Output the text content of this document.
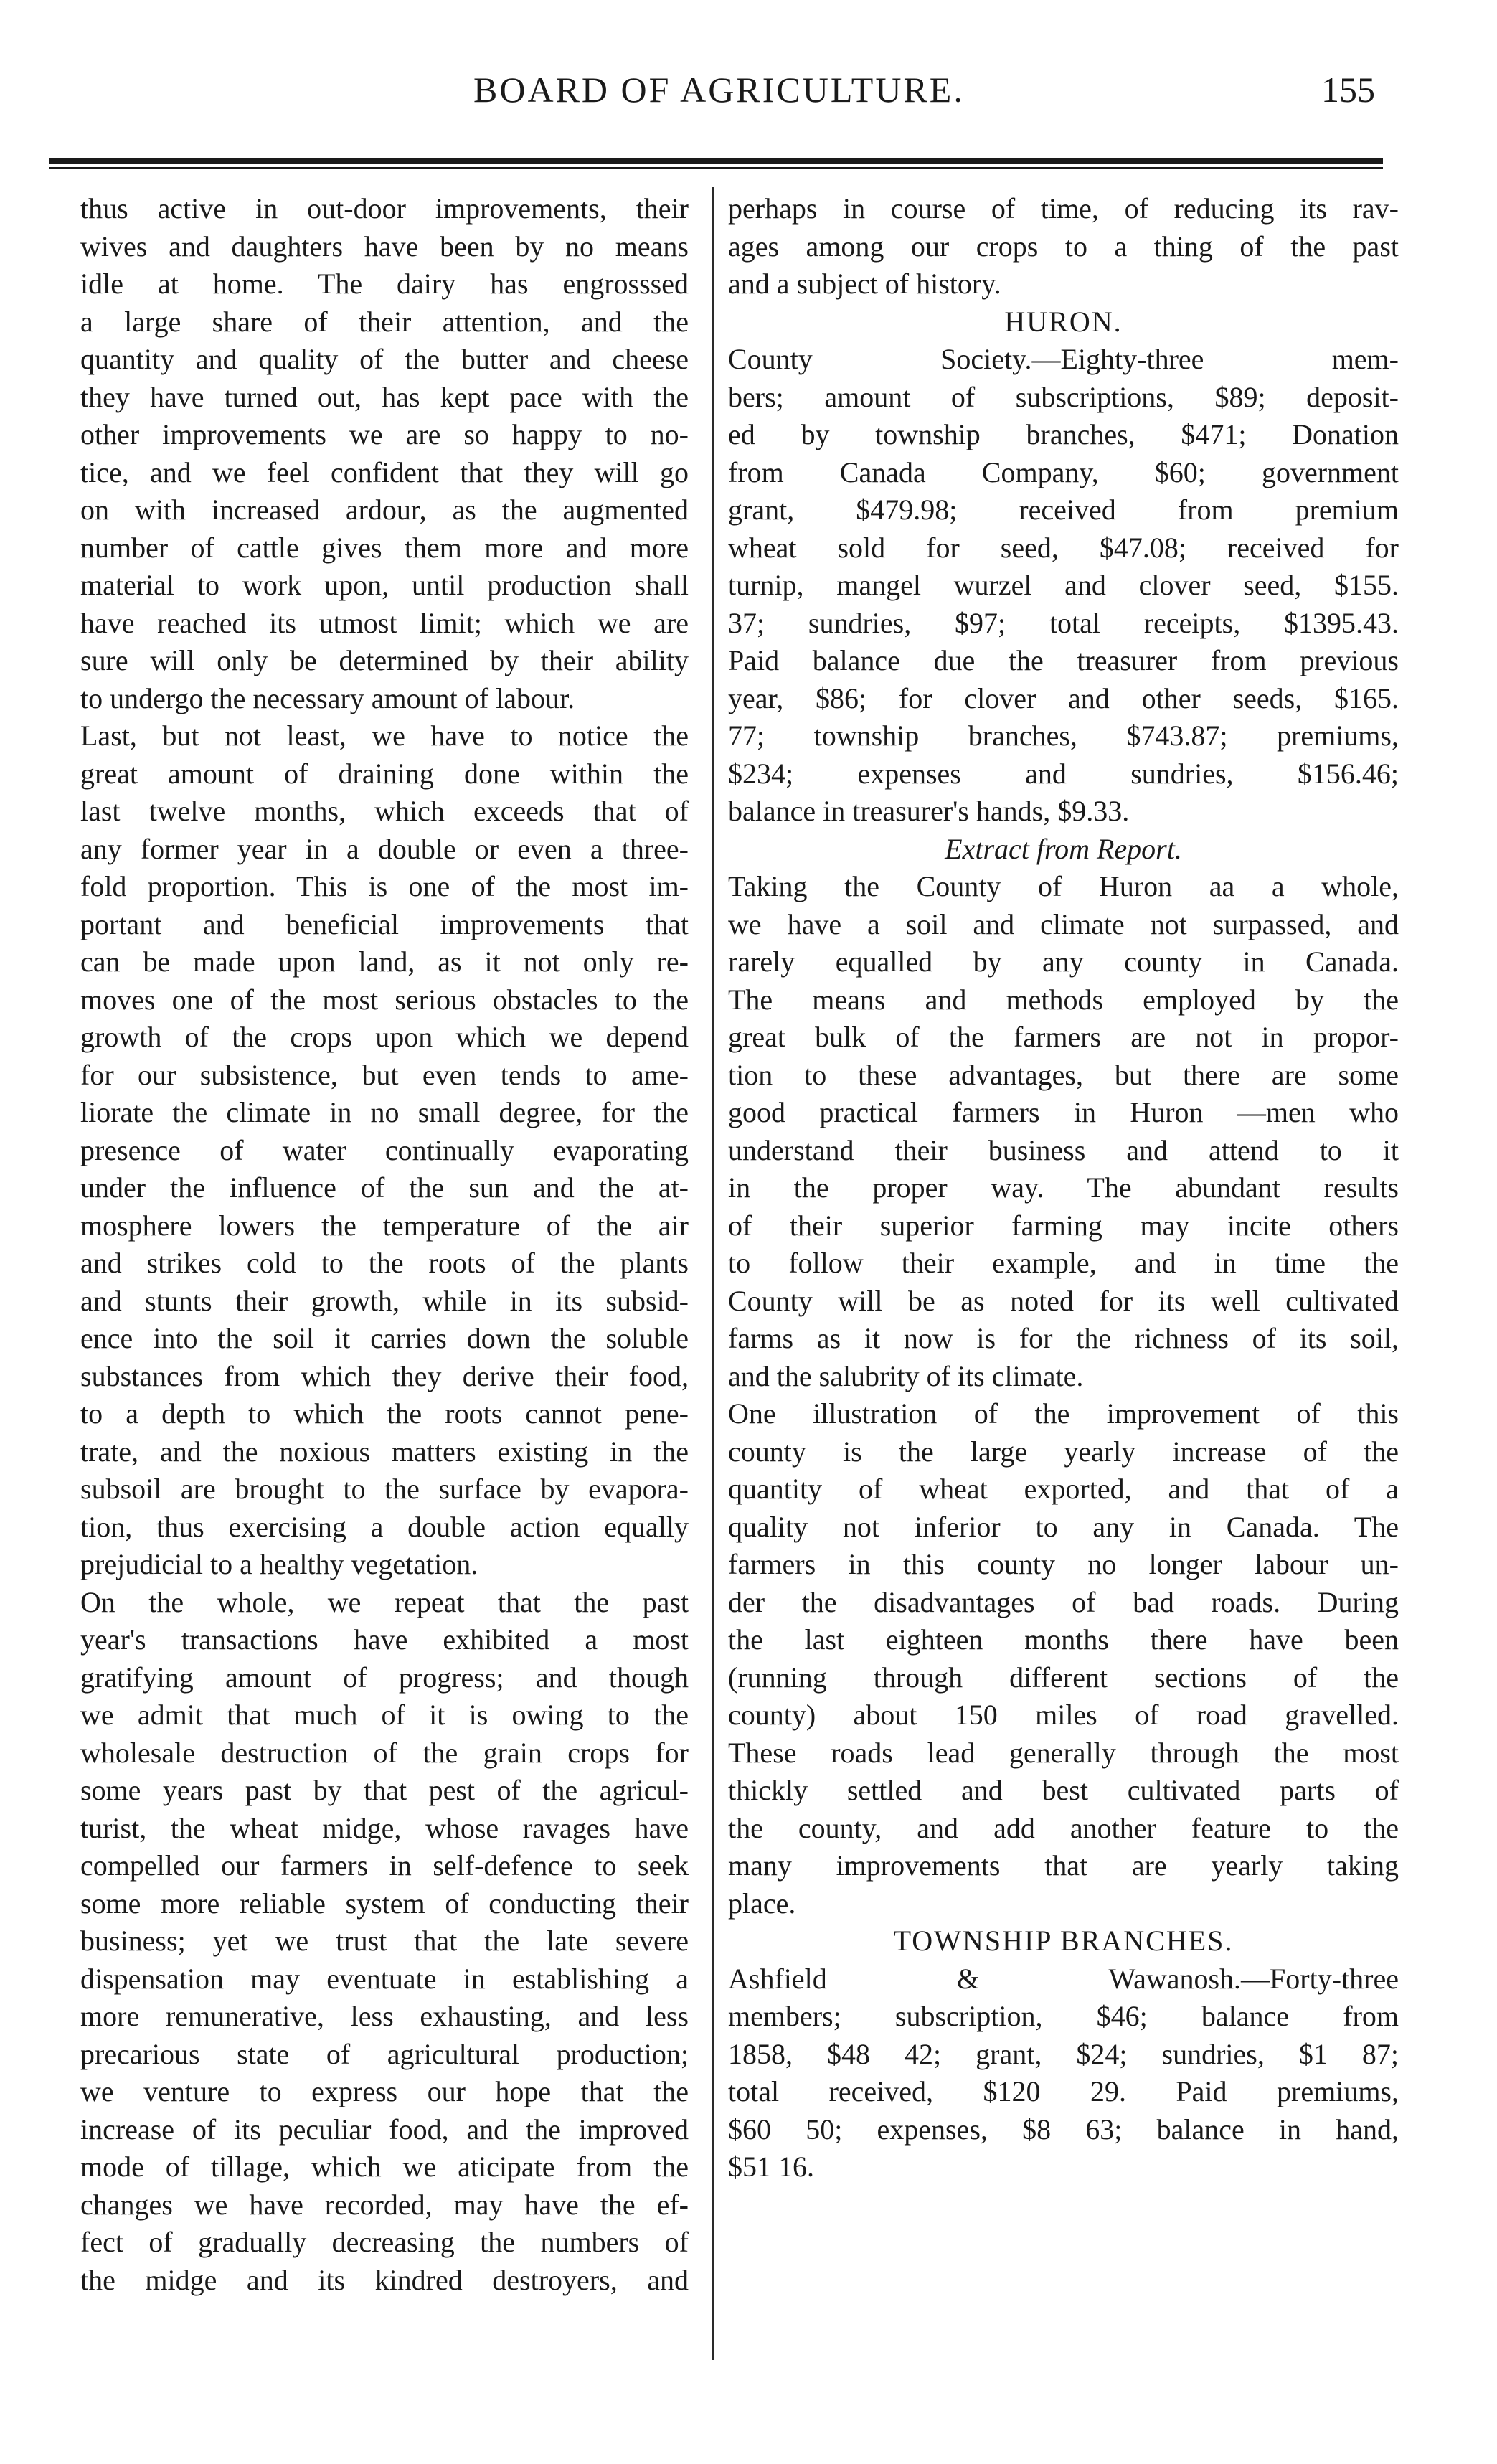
BOARD OF AGRICULTURE.	155
thus active in out-door improvements, their
wives and daughters have been by no means
idle at home. The dairy has engrosssed
a large share of their attention, and the
quantity and quality of the butter and cheese
they have turned out, has kept pace with the
other improvements we are so happy to no-
tice, and we feel confident that they will go
on with increased ardour, as the augmented
number of cattle gives them more and more
material to work upon, until production shall
have reached its utmost limit; which we are
sure will only be determined by their ability
to undergo the necessary amount of labour.
Last, but not least, we have to notice the
great amount of draining done within the
last twelve months, which exceeds that of
any former year in a double or even a three-
fold proportion. This is one of the most im-
portant and beneficial improvements that
can be made upon land, as it not only re-
moves one of the most serious obstacles to the
growth of the crops upon which we depend
for our subsistence, but even tends to ame-
liorate the climate in no small degree, for the
presence of water continually evaporating
under the influence of the sun and the at-
mosphere lowers the temperature of the air
and strikes cold to the roots of the plants
and stunts their growth, while in its subsid-
ence into the soil it carries down the soluble
substances from which they derive their food,
to a depth to which the roots cannot pene-
trate, and the noxious matters existing in the
subsoil are brought to the surface by evapora-
tion, thus exercising a double action equally
prejudicial to a healthy vegetation.
On the whole, we repeat that the past
year's transactions have exhibited a most
gratifying amount of progress; and though
we admit that much of it is owing to the
wholesale destruction of the grain crops for
some years past by that pest of the agricul-
turist, the wheat midge, whose ravages have
compelled our farmers in self-defence to seek
some more reliable system of conducting their
business; yet we trust that the late severe
dispensation may eventuate in establishing a
more remunerative, less exhausting, and less
precarious state of agricultural production;
we venture to express our hope that the
increase of its peculiar food, and the improved
mode of tillage, which we aticipate from the
changes we have recorded, may have the ef-
fect of gradually decreasing the numbers of
the midge and its kindred destroyers, and
perhaps in course of time, of reducing its rav-
ages among our crops to a thing of the past
and a subject of history.
HURON.
County Society.—Eighty-three mem-
bers; amount of subscriptions, $89; deposit-
ed by township branches, $471; Donation
from Canada Company, $60; government
grant, $479.98; received from premium
wheat sold for seed, $47.08; received for
turnip, mangel wurzel and clover seed, $155.
37; sundries, $97; total receipts, $1395.43.
Paid balance due the treasurer from previous
year, $86; for clover and other seeds, $165.
77; township branches, $743.87; premiums,
$234; expenses and sundries, $156.46;
balance in treasurer's hands, $9.33.
Extract from Report.
Taking the County of Huron aa a whole,
we have a soil and climate not surpassed, and
rarely equalled by any county in Canada.
The means and methods employed by the
great bulk of the farmers are not in propor-
tion to these advantages, but there are some
good practical farmers in Huron —men who
understand their business and attend to it
in the proper way. The abundant results
of their superior farming may incite others
to follow their example, and in time the
County will be as noted for its well cultivated
farms as it now is for the richness of its soil,
and the salubrity of its climate.
One illustration of the improvement of this
county is the large yearly increase of the
quantity of wheat exported, and that of a
quality not inferior to any in Canada. The
farmers in this county no longer labour un-
der the disadvantages of bad roads. During
the last eighteen months there have been
(running through different sections of the
county) about 150 miles of road gravelled.
These roads lead generally through the most
thickly settled and best cultivated parts of
the county, and add another feature to the
many improvements that are yearly taking
place.
TOWNSHIP BRANCHES.
Ashfield & Wawanosh.—Forty-three
members; subscription, $46; balance from
1858, $48 42; grant, $24; sundries, $1 87;
total received, $120 29. Paid premiums,
$60 50; expenses, $8 63; balance in hand,
$51 16.
